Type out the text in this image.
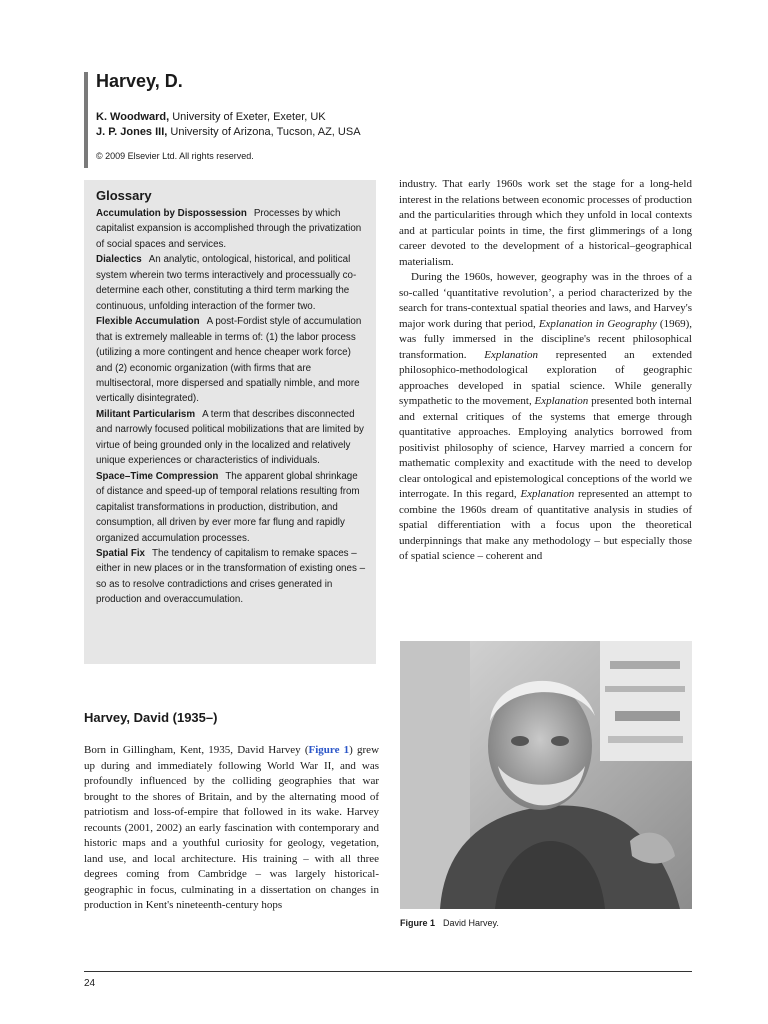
Harvey, D.
K. Woodward, University of Exeter, Exeter, UK
J. P. Jones III, University of Arizona, Tucson, AZ, USA
© 2009 Elsevier Ltd. All rights reserved.
Glossary

Accumulation by Dispossession Processes by which capitalist expansion is accomplished through the privatization of social spaces and services.

Dialectics An analytic, ontological, historical, and political system wherein two terms interactively and processually co-determine each other, constituting a third term marking the continuous, unfolding interaction of the former two.

Flexible Accumulation A post-Fordist style of accumulation that is extremely malleable in terms of: (1) the labor process (utilizing a more contingent and hence cheaper work force) and (2) economic organization (with firms that are multisectoral, more dispersed and spatially nimble, and more vertically disintegrated).

Militant Particularism A term that describes disconnected and narrowly focused political mobilizations that are limited by virtue of being grounded only in the localized and relatively unique experiences or characteristics of individuals.

Space–Time Compression The apparent global shrinkage of distance and speed-up of temporal relations resulting from capitalist transformations in production, distribution, and consumption, all driven by ever more far flung and rapidly organized accumulation processes.

Spatial Fix The tendency of capitalism to remake spaces – either in new places or in the transformation of existing ones – so as to resolve contradictions and crises generated in production and overaccumulation.

Harvey, David (1935–)

Born in Gillingham, Kent, 1935, David Harvey (Figure 1) grew up during and immediately following World War II, and was profoundly influenced by the colliding geographies that war brought to the shores of Britain, and by the alternating mood of patriotism and loss-of-empire that followed in its wake. Harvey recounts (2001, 2002) an early fascination with contemporary and historic maps and a youthful curiosity for geology, vegetation, land use, and local architecture. His training – with all three degrees coming from Cambridge – was largely historical-geographic in focus, culminating in a dissertation on changes in production in Kent's nineteenth-century hops

industry. That early 1960s work set the stage for a long-held interest in the relations between economic processes of production and the particularities through which they unfold in local contexts and at particular points in time, the first glimmerings of a long career devoted to the development of a historical–geographical materialism.

During the 1960s, however, geography was in the throes of a so-called ‘quantitative revolution’, a period characterized by the search for trans-contextual spatial theories and laws, and Harvey's major work during that period, Explanation in Geography (1969), was fully immersed in the discipline's recent philosophical transformation. Explanation represented an extended philosophico-methodological exploration of geographic approaches developed in spatial science. While generally sympathetic to the movement, Explanation presented both internal and external critiques of the systems that emerge through quantitative approaches. Employing analytics borrowed from positivist philosophy of science, Harvey married a concern for mathematic complexity and exactitude with the need to develop clear ontological and epistemological conceptions of the world we interrogate. In this regard, Explanation represented an attempt to combine the 1960s dream of quantitative analysis in studies of spatial differentiation with a focus upon the theoretical underpinnings that make any methodology – but especially those of spatial science – coherent and

Figure 1 David Harvey.
24
